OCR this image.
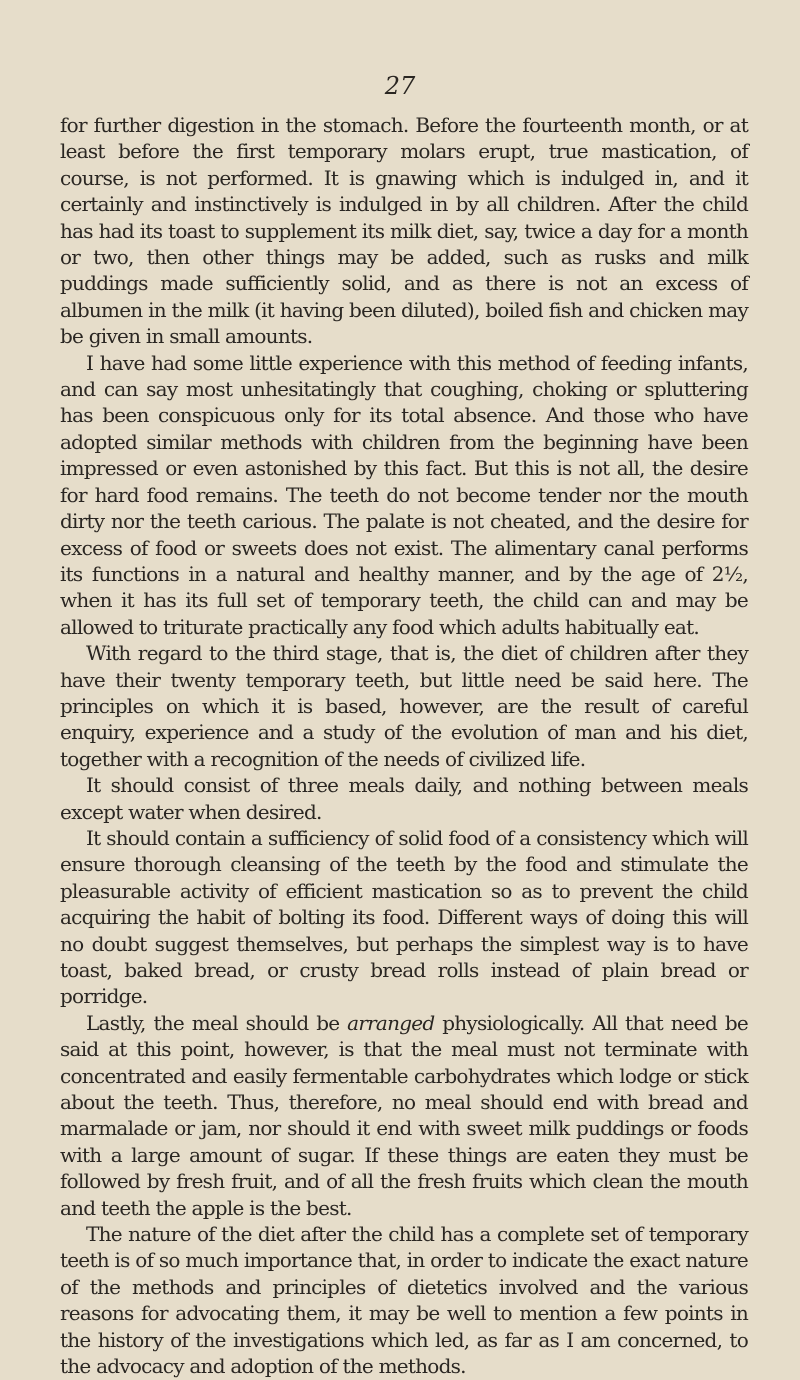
27

for further digestion in the stomach. Before the fourteenth month, or at least before the first temporary molars erupt, true mastication, of course, is not performed. It is gnawing which is indulged in, and it certainly and instinctively is indulged in by all children. After the child has had its toast to supplement its milk diet, say, twice a day for a month or two, then other things may be added, such as rusks and milk puddings made sufficiently solid, and as there is not an excess of albumen in the milk (it having been diluted), boiled fish and chicken may be given in small amounts.

I have had some little experience with this method of feeding infants, and can say most unhesitatingly that coughing, choking or spluttering has been conspicuous only for its total absence. And those who have adopted similar methods with children from the beginning have been impressed or even astonished by this fact. But this is not all, the desire for hard food remains. The teeth do not become tender nor the mouth dirty nor the teeth carious. The palate is not cheated, and the desire for excess of food or sweets does not exist. The alimentary canal performs its functions in a natural and healthy manner, and by the age of 2½, when it has its full set of temporary teeth, the child can and may be allowed to triturate practically any food which adults habitually eat.

With regard to the third stage, that is, the diet of children after they have their twenty temporary teeth, but little need be said here. The principles on which it is based, however, are the result of careful enquiry, experience and a study of the evolution of man and his diet, together with a recognition of the needs of civilized life.

It should consist of three meals daily, and nothing between meals except water when desired.

It should contain a sufficiency of solid food of a consistency which will ensure thorough cleansing of the teeth by the food and stimulate the pleasurable activity of efficient mastication so as to prevent the child acquiring the habit of bolting its food. Different ways of doing this will no doubt suggest themselves, but perhaps the simplest way is to have toast, baked bread, or crusty bread rolls instead of plain bread or porridge.

Lastly, the meal should be arranged physiologically. All that need be said at this point, however, is that the meal must not terminate with concentrated and easily fermentable carbohydrates which lodge or stick about the teeth. Thus, therefore, no meal should end with bread and marmalade or jam, nor should it end with sweet milk puddings or foods with a large amount of sugar. If these things are eaten they must be followed by fresh fruit, and of all the fresh fruits which clean the mouth and teeth the apple is the best.

The nature of the diet after the child has a complete set of temporary teeth is of so much importance that, in order to indicate the exact nature of the methods and principles of dietetics involved and the various reasons for advocating them, it may be well to mention a few points in the history of the investigations which led, as far as I am concerned, to the advocacy and adoption of the methods.
